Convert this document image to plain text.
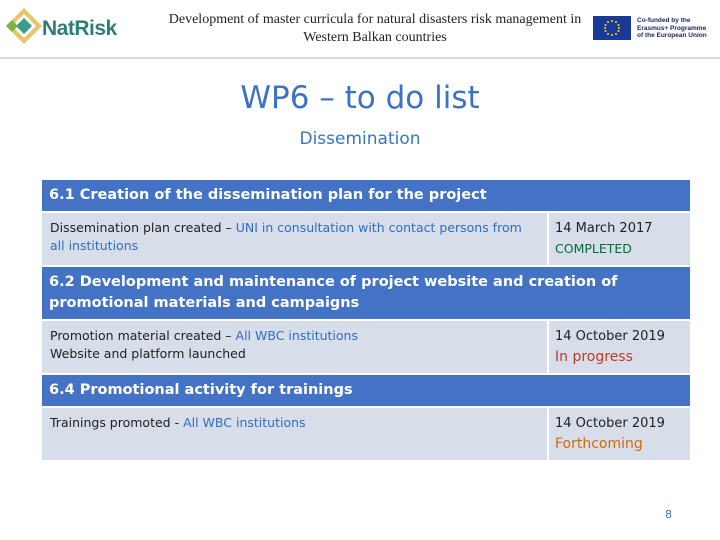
NatRisk	Development of master curricula for natural disasters risk management in
Western Balkan countries
Co-funded by the
Erasmus+ Programme
of the European Union
WP6 – to do list
Dissemination
6.1 Creation of the dissemination plan for the project
Dissemination plan created – UNI in consultation with contact persons from all institutions
14 March 2017
COMPLETED
6.2 Development and maintenance of project website and creation of promotional materials and campaigns
Promotion material created – All WBC institutions
Website and platform launched
14 October 2019
In progress
6.4 Promotional activity for trainings
Trainings promoted - All WBC institutions	14 October 2019
Forthcoming
8
